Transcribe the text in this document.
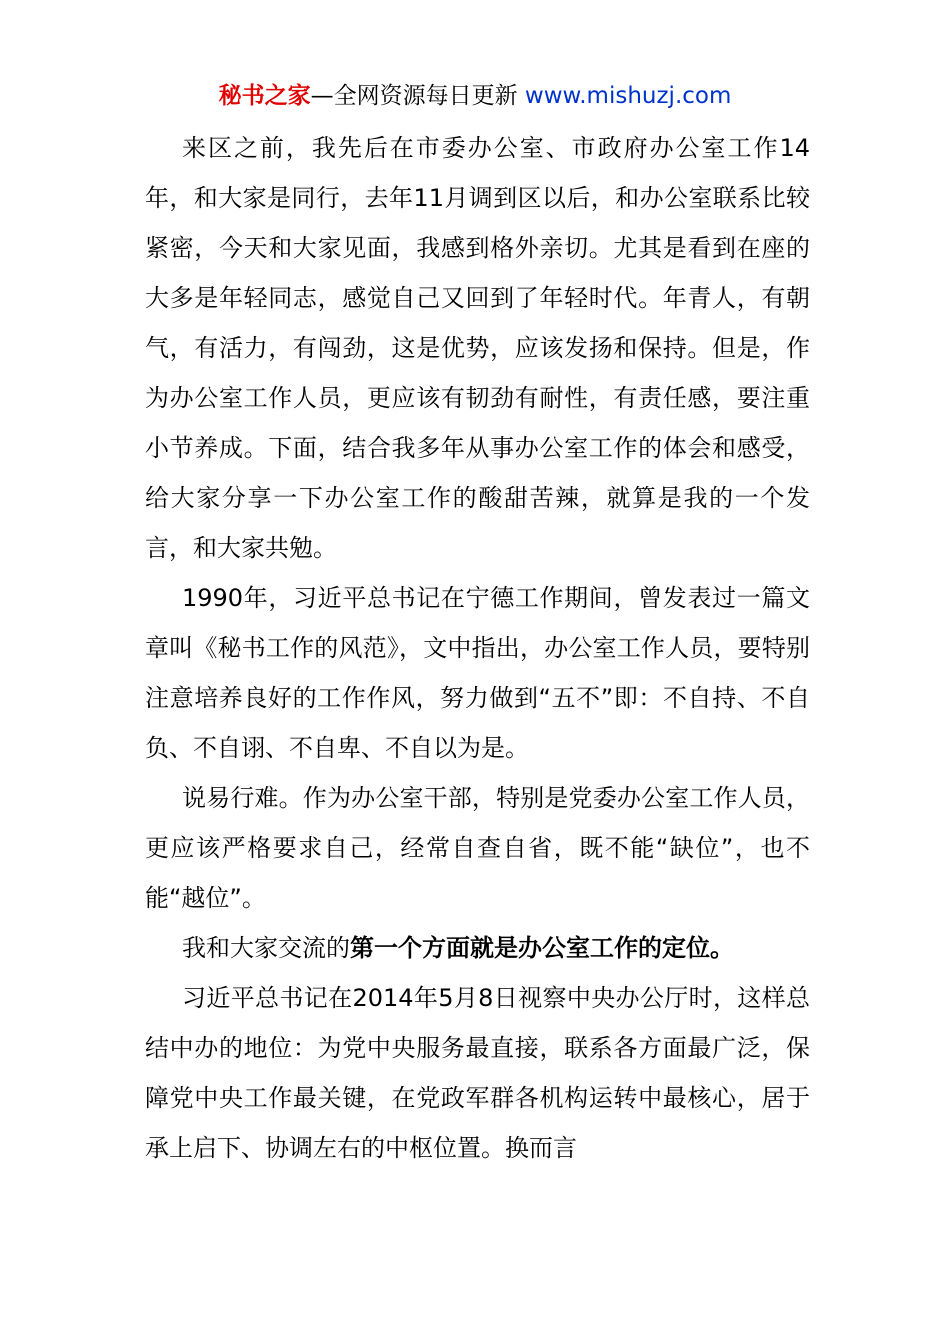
秘书之家—全网资源每日更新 www.mishuzj.com

来区之前，我先后在市委办公室、市政府办公室工作14年，和大家是同行，去年11月调到区以后，和办公室联系比较紧密，今天和大家见面，我感到格外亲切。尤其是看到在座的大多是年轻同志，感觉自己又回到了年轻时代。年青人，有朝气，有活力，有闯劲，这是优势，应该发扬和保持。但是，作为办公室工作人员，更应该有韧劲有耐性，有责任感，要注重小节养成。下面，结合我多年从事办公室工作的体会和感受，给大家分享一下办公室工作的酸甜苦辣，就算是我的一个发言，和大家共勉。

1990年，习近平总书记在宁德工作期间，曾发表过一篇文章叫《秘书工作的风范》，文中指出，办公室工作人员，要特别注意培养良好的工作作风，努力做到“五不”即：不自持、不自负、不自诩、不自卑、不自以为是。

说易行难。作为办公室干部，特别是党委办公室工作人员，更应该严格要求自己，经常自查自省，既不能“缺位”，也不能“越位”。

我和大家交流的第一个方面就是办公室工作的定位。

习近平总书记在2014年5月8日视察中央办公厅时，这样总结中办的地位：为党中央服务最直接，联系各方面最广泛，保障党中央工作最关键，在党政军群各机构运转中最核心，居于承上启下、协调左右的中枢位置。换而言
